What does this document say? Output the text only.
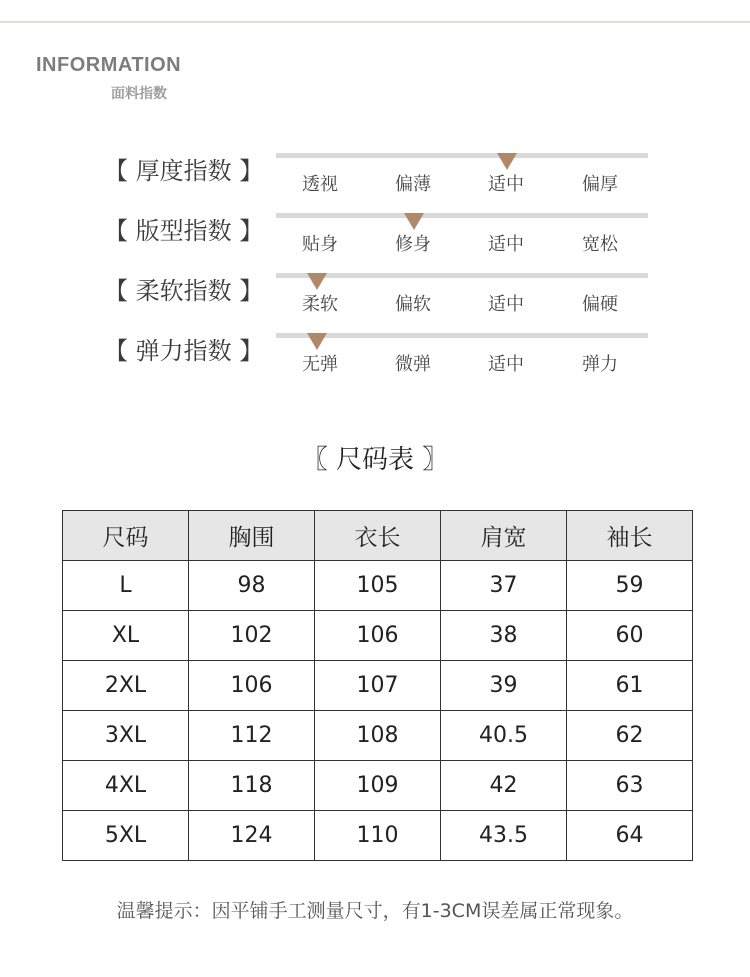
INFORMATION
面料指数
【 厚度指数 】 透视	偏薄	适中	偏厚
【 版型指数 】 贴身	修身	适中	宽松
【 柔软指数 】 柔软	偏软	适中	偏硬
【 弹力指数 】 无弹	微弹	适中	弹力
〖 尺码表 〗
尺码	胸围	衣长	肩宽	袖长
L	98	105	37	59
XL	102	106	38	60
2XL	106	107	39	61
3XL	112	108	40.5	62
4XL	118	109	42	63
5XL	124	110	43.5	64
温馨提示：因平铺手工测量尺寸，有1-3CM误差属正常现象。
